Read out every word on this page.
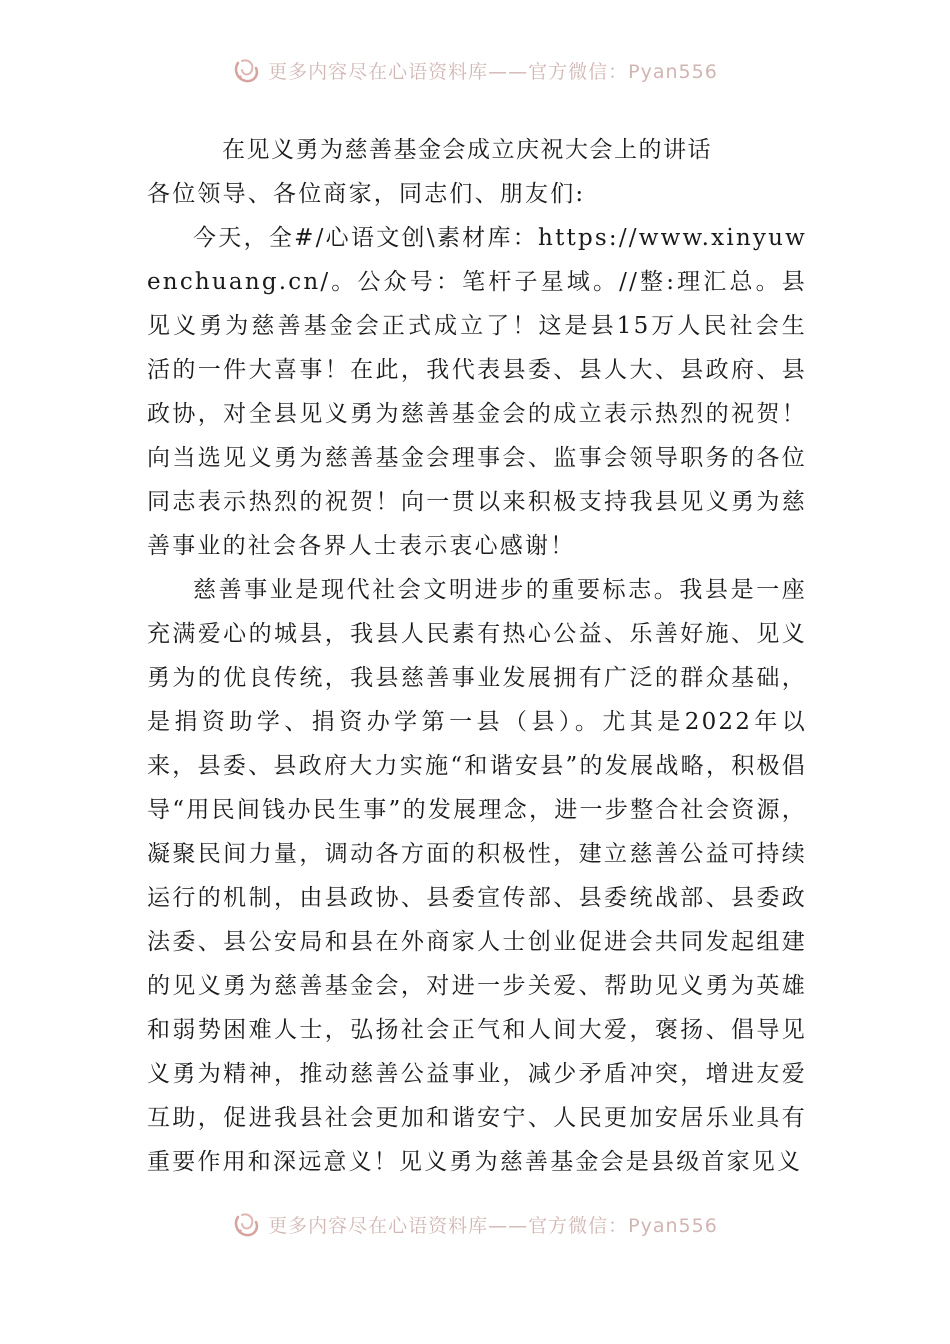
更多内容尽在心语资料库——官方微信：Pyan556
在见义勇为慈善基金会成立庆祝大会上的讲话

各位领导、各位商家，同志们、朋友们:

今天，全#/心语文创\素材库：https://www.xinyuwenchuang.cn/。公众号：笔杆子星域。//整:理汇总。县见义勇为慈善基金会正式成立了！这是县15万人民社会生活的一件大喜事！在此，我代表县委、县人大、县政府、县政协，对全县见义勇为慈善基金会的成立表示热烈的祝贺！向当选见义勇为慈善基金会理事会、监事会领导职务的各位同志表示热烈的祝贺！向一贯以来积极支持我县见义勇为慈善事业的社会各界人士表示衷心感谢！

慈善事业是现代社会文明进步的重要标志。我县是一座充满爱心的城县，我县人民素有热心公益、乐善好施、见义勇为的优良传统，我县慈善事业发展拥有广泛的群众基础，是捐资助学、捐资办学第一县（县）。尤其是2022年以来，县委、县政府大力实施“和谐安县”的发展战略，积极倡导“用民间钱办民生事”的发展理念，进一步整合社会资源，凝聚民间力量，调动各方面的积极性，建立慈善公益可持续运行的机制，由县政协、县委宣传部、县委统战部、县委政法委、县公安局和县在外商家人士创业促进会共同发起组建的见义勇为慈善基金会，对进一步关爱、帮助见义勇为英雄和弱势困难人士，弘扬社会正气和人间大爱，褒扬、倡导见义勇为精神，推动慈善公益事业，减少矛盾冲突，增进友爱互助，促进我县社会更加和谐安宁、人民更加安居乐业具有重要作用和深远意义！见义勇为慈善基金会是县级首家见义

更多内容尽在心语资料库——官方微信：Pyan556
